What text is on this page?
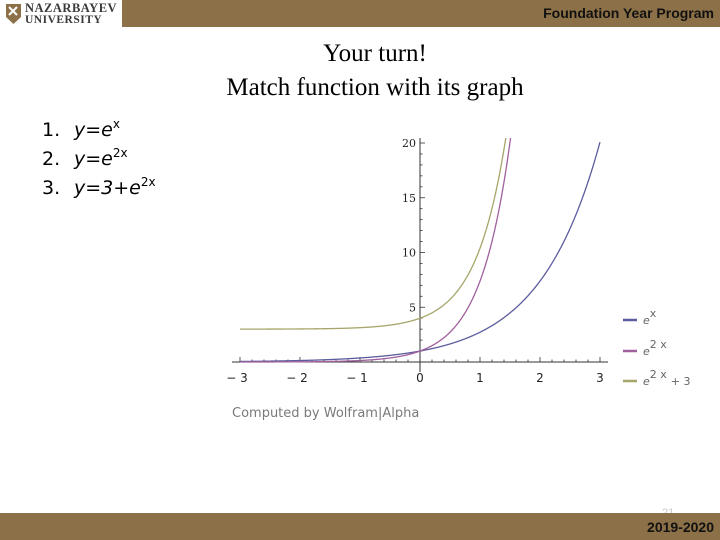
NAZARBAYEV
UNIVERSITY	Foundation Year Program
Your turn!
Match function with its graph
1. $y=e^x$
2. $y=e^{2x}$
3. $y=3+e^{2x}$
− 3	− 2	− 1	0	1	2	3
5
10
15
20
ex
e2 x
e2 x+ 3
Computed by Wolfram|Alpha
2019-2020
